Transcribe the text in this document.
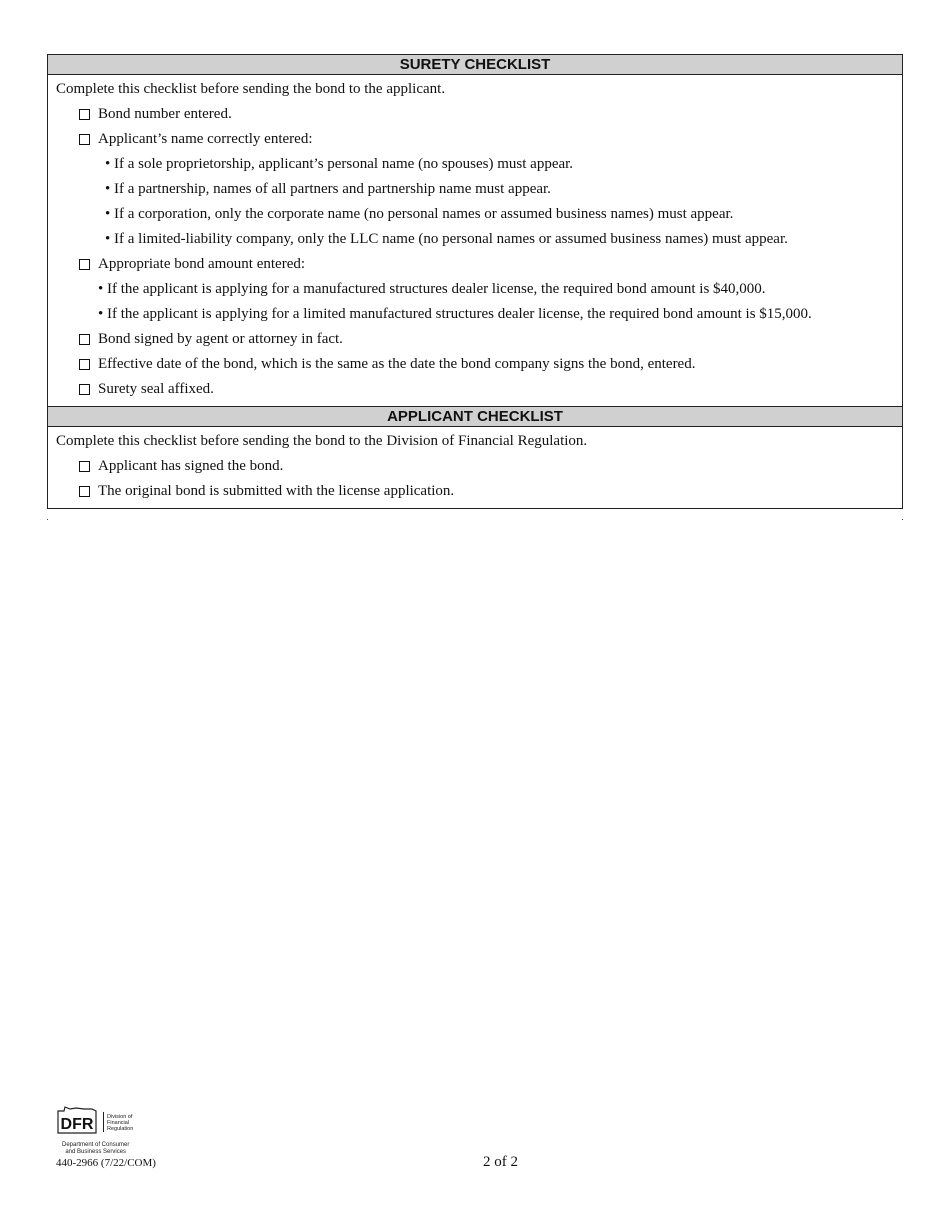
SURETY CHECKLIST
Complete this checklist before sending the bond to the applicant.
Bond number entered.
Applicant’s name correctly entered:
• If a sole proprietorship, applicant’s personal name (no spouses) must appear.
• If a partnership, names of all partners and partnership name must appear.
• If a corporation, only the corporate name (no personal names or assumed business names) must appear.
• If a limited-liability company, only the LLC name (no personal names or assumed business names) must appear.
Appropriate bond amount entered:
• If the applicant is applying for a manufactured structures dealer license, the required bond amount is $40,000.
• If the applicant is applying for a limited manufactured structures dealer license, the required bond amount is $15,000.
Bond signed by agent or attorney in fact.
Effective date of the bond, which is the same as the date the bond company signs the bond, entered.
Surety seal affixed.
APPLICANT CHECKLIST
Complete this checklist before sending the bond to the Division of Financial Regulation.
Applicant has signed the bond.
The original bond is submitted with the license application.
DFR Division of
Financial
Regulation
Department of Consumer
and Business Services
440-2966 (7/22/COM)	2 of 2
